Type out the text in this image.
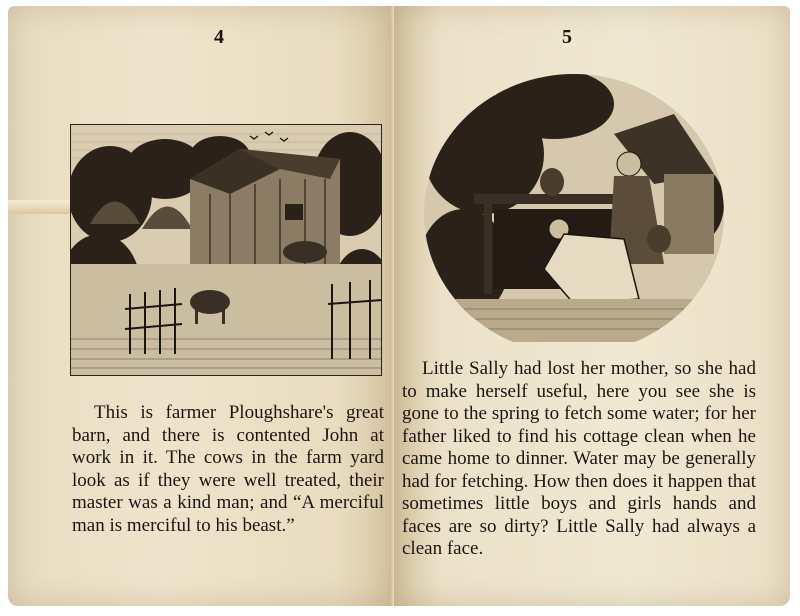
4

This is farmer Ploughshare's great barn, and there is contented John at work in it. The cows in the farm yard look as if they were well treated, their master was a kind man; and “A merciful man is merciful to his beast.”

5

Little Sally had lost her mother, so she had to make herself useful, here you see she is gone to the spring to fetch some water; for her father liked to find his cottage clean when he came home to dinner. Water may be generally had for fetching. How then does it happen that sometimes little boys and girls hands and faces are so dirty? Little Sally had always a clean face.
